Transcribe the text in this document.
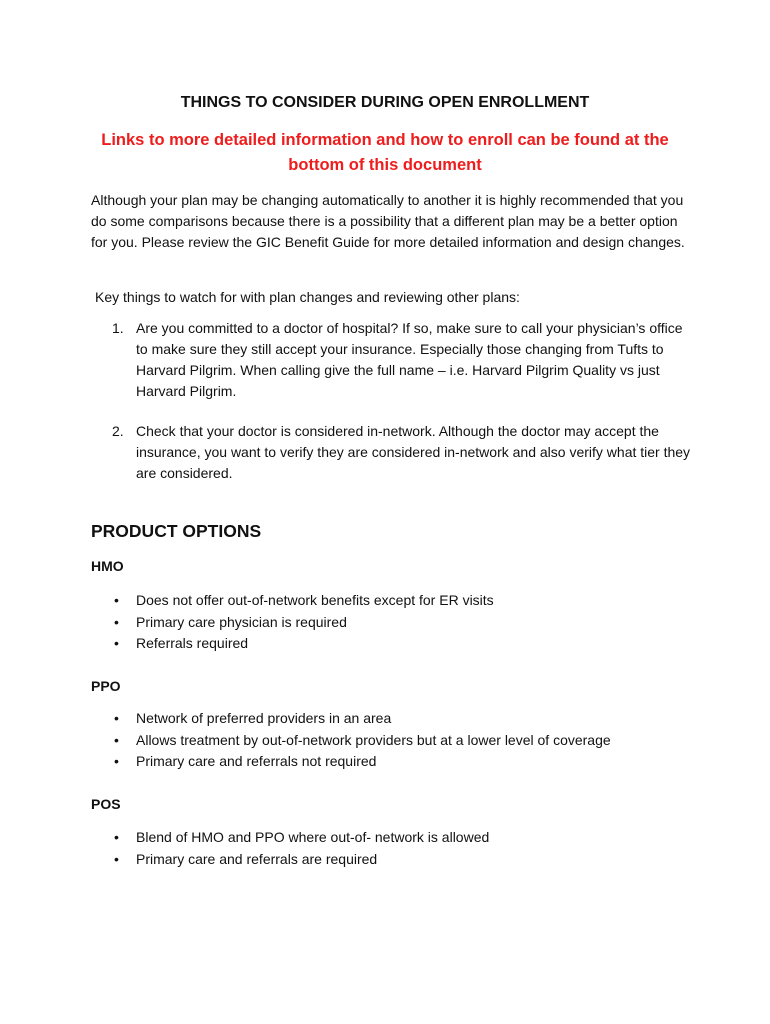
THINGS TO CONSIDER DURING OPEN ENROLLMENT
Links to more detailed information and how to enroll can be found at the bottom of this document

Although your plan may be changing automatically to another it is highly recommended that you do some comparisons because there is a possibility that a different plan may be a better option for you. Please review the GIC Benefit Guide for more detailed information and design changes.

Key things to watch for with plan changes and reviewing other plans:

1. Are you committed to a doctor of hospital? If so, make sure to call your physician’s office to make sure they still accept your insurance. Especially those changing from Tufts to Harvard Pilgrim. When calling give the full name – i.e. Harvard Pilgrim Quality vs just Harvard Pilgrim.
2. Check that your doctor is considered in-network. Although the doctor may accept the insurance, you want to verify they are considered in-network and also verify what tier they are considered.
PRODUCT OPTIONS
HMO
• Does not offer out-of-network benefits except for ER visits
• Primary care physician is required
• Referrals required
PPO
• Network of preferred providers in an area
• Allows treatment by out-of-network providers but at a lower level of coverage
• Primary care and referrals not required
POS
• Blend of HMO and PPO where out-of- network is allowed
• Primary care and referrals are required
